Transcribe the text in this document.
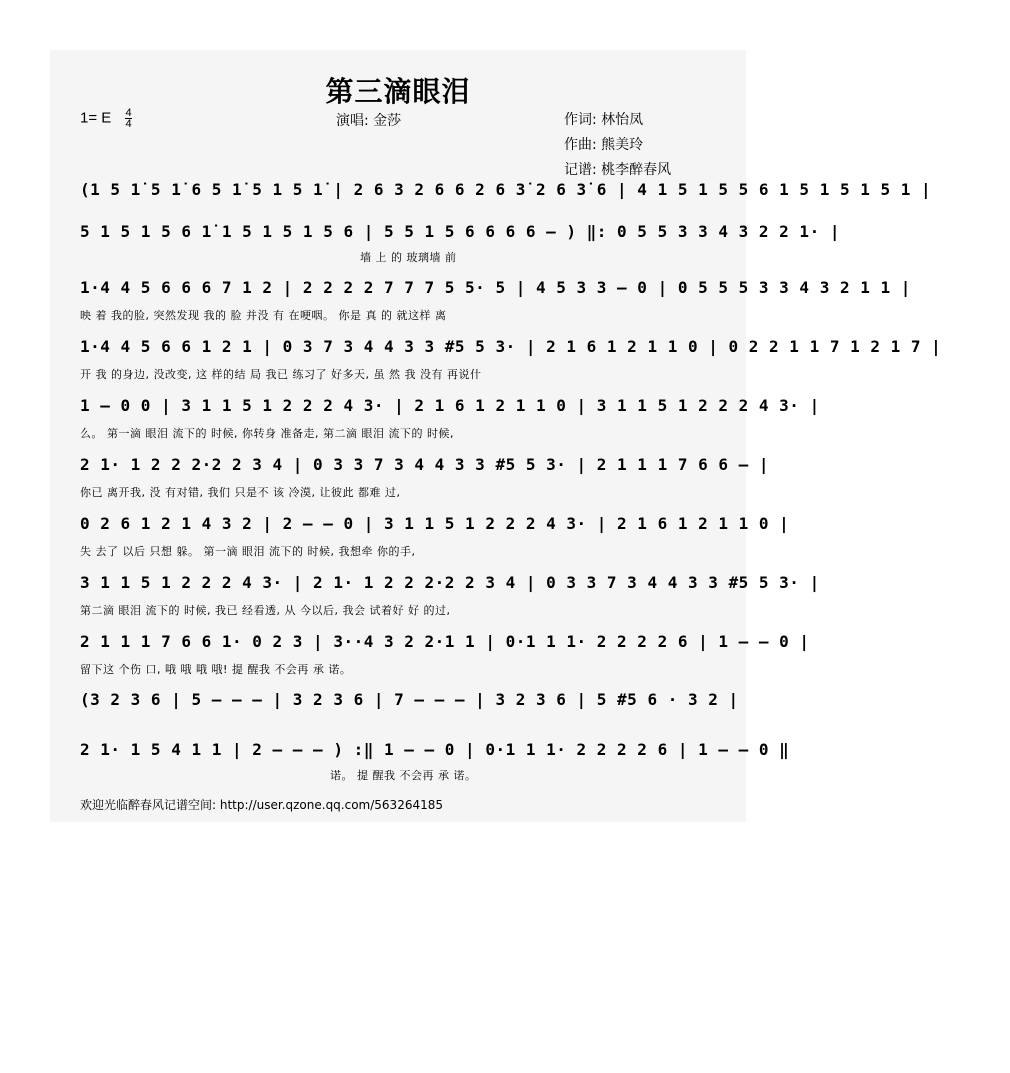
第三滴眼泪
1= E $\frac{4}{4}$	演唱: 金莎	作词: 林怡凤
作曲: 熊美玲
记谱: 桃李醉春风
(1 5 1̇ 5 1̇ 6 5 1̇ 5 1 5 1̇ | 2 6 3 2 6 6 2 6 3̇ 2 6 3̇ 6 | 4 1 5 1 5 5 6 1 5 1 5 1 5 1 |
5 1 5 1 5 6 1̇ 1 5 1 5 1 5 6 | 5 5 1 5 6 6 6 6 – ) ‖: 0 5 5 3 3 4 3 2 2 1· |
墙 上 的 玻璃墙 前
1·4 4 5 6 6 6 7 1 2 | 2 2 2 2 7 7 7 5 5· 5 | 4 5 3 3 – 0 | 0 5 5 5 3 3 4 3 2 1 1 |
映 着 我的脸, 突然发现 我的 脸 并没 有 在哽咽。 你是 真 的 就这样 离
1·4 4 5 6 6 1 2 1 | 0 3 7 3 4 4 3 3 #5 5 3· | 2 1 6 1 2 1 1 0 | 0 2 2 1 1 7 1 2 1 7 |
开 我 的身边, 没改变, 这 样的结 局 我已 练习了 好多天, 虽 然 我 没有 再说什
1 – 0 0 | 3 1 1 5 1 2 2 2 4 3· | 2 1 6 1 2 1 1 0 | 3 1 1 5 1 2 2 2 4 3· |
么。 第一滴 眼泪 流下的 时候, 你转身 准备走, 第二滴 眼泪 流下的 时候,
2 1· 1 2 2 2·2 2 3 4 | 0 3 3 7 3 4 4 3 3 #5 5 3· | 2 1 1 1 7 6 6 – |
你已 离开我, 没 有对错, 我们 只是不 该 冷漠, 让彼此 都难 过,
0 2 6 1 2 1 4 3 2 | 2 – – 0 | 3 1 1 5 1 2 2 2 4 3· | 2 1 6 1 2 1 1 0 |
失 去了 以后 只想 躲。 第一滴 眼泪 流下的 时候, 我想牵 你的手,
3 1 1 5 1 2 2 2 4 3· | 2 1· 1 2 2 2·2 2 3 4 | 0 3 3 7 3 4 4 3 3 #5 5 3· |
第二滴 眼泪 流下的 时候, 我已 经看透, 从 今以后, 我会 试着好 好 的过,
2 1 1 1 7 6 6 1· 0 2 3 | 3··4 3 2 2·1 1 | 0·1 1 1· 2 2 2 2 6 | 1 – – 0 |
留下这 个伤 口, 哦 哦 哦 哦! 提 醒我 不会再 承 诺。
(3 2 3 6 | 5 – – – | 3 2 3 6 | 7 – – – | 3 2 3 6 | 5 #5 6 · 3 2 |
2 1· 1 5 4 1 1 | 2 – – – ) :‖ 1 – – 0 | 0·1 1 1· 2 2 2 2 6 | 1 – – 0 ‖
诺。 提 醒我 不会再 承 诺。
欢迎光临醉春风记谱空间: http://user.qzone.qq.com/563264185
